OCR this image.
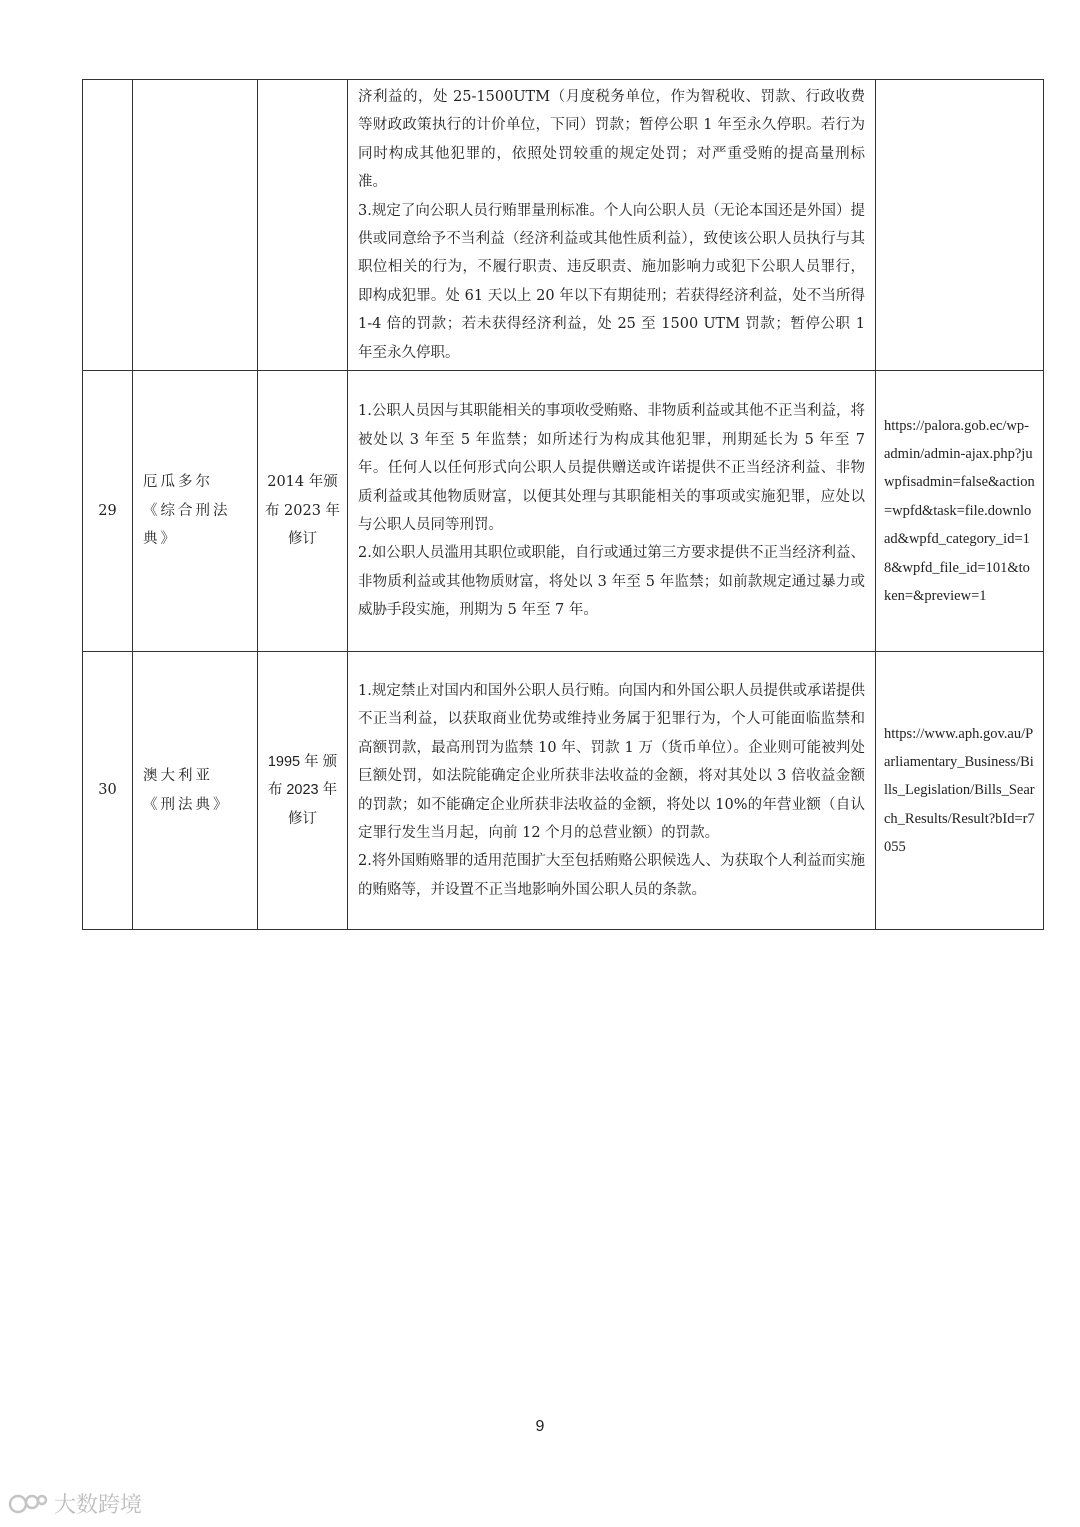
			济利益的，处 25-1500UTM（月度税务单位，作为智税收、罚款、行政收费等财政政策执行的计价单位，下同）罚款；暂停公职 1 年至永久停职。若行为同时构成其他犯罪的，依照处罚较重的规定处罚；对严重受贿的提高量刑标准。
3.规定了向公职人员行贿罪量刑标准。个人向公职人员（无论本国还是外国）提供或同意给予不当利益（经济利益或其他性质利益），致使该公职人员执行与其职位相关的行为，不履行职责、违反职责、施加影响力或犯下公职人员罪行，即构成犯罪。处 61 天以上 20 年以下有期徒刑；若获得经济利益，处不当所得 1-4 倍的罚款；若未获得经济利益，处 25 至 1500 UTM 罚款；暂停公职 1 年至永久停职。	

29	厄瓜多尔《综合刑法典》	2014 年颁布 2023 年修订	1.公职人员因与其职能相关的事项收受贿赂、非物质利益或其他不正当利益，将被处以 3 年至 5 年监禁；如所述行为构成其他犯罪，刑期延长为 5 年至 7 年。任何人以任何形式向公职人员提供赠送或许诺提供不正当经济利益、非物质利益或其他物质财富，以便其处理与其职能相关的事项或实施犯罪，应处以与公职人员同等刑罚。
2.如公职人员滥用其职位或职能，自行或通过第三方要求提供不正当经济利益、非物质利益或其他物质财富，将处以 3 年至 5 年监禁；如前款规定通过暴力或威胁手段实施，刑期为 5 年至 7 年。	https://palora.gob.ec/wp-admin/admin-ajax.php?juwpfisadmin=false&action=wpfd&task=file.download&wpfd_category_id=18&wpfd_file_id=101&token=&preview=1
30	澳大利亚《刑法典》	1995 年 颁布 2023 年 修订	1.规定禁止对国内和国外公职人员行贿。向国内和外国公职人员提供或承诺提供不正当利益，以获取商业优势或维持业务属于犯罪行为，个人可能面临监禁和高额罚款，最高刑罚为监禁 10 年、罚款 1 万（货币单位）。企业则可能被判处巨额处罚，如法院能确定企业所获非法收益的金额，将对其处以 3 倍收益金额的罚款；如不能确定企业所获非法收益的金额，将处以 10%的年营业额（自认定罪行发生当月起，向前 12 个月的总营业额）的罚款。
2.将外国贿赂罪的适用范围扩大至包括贿赂公职候选人、为获取个人利益而实施的贿赂等，并设置不正当地影响外国公职人员的条款。	https://www.aph.gov.au/Parliamentary_Business/Bills_Legislation/Bills_Search_Results/Result?bId=r7055
9
大数跨境
